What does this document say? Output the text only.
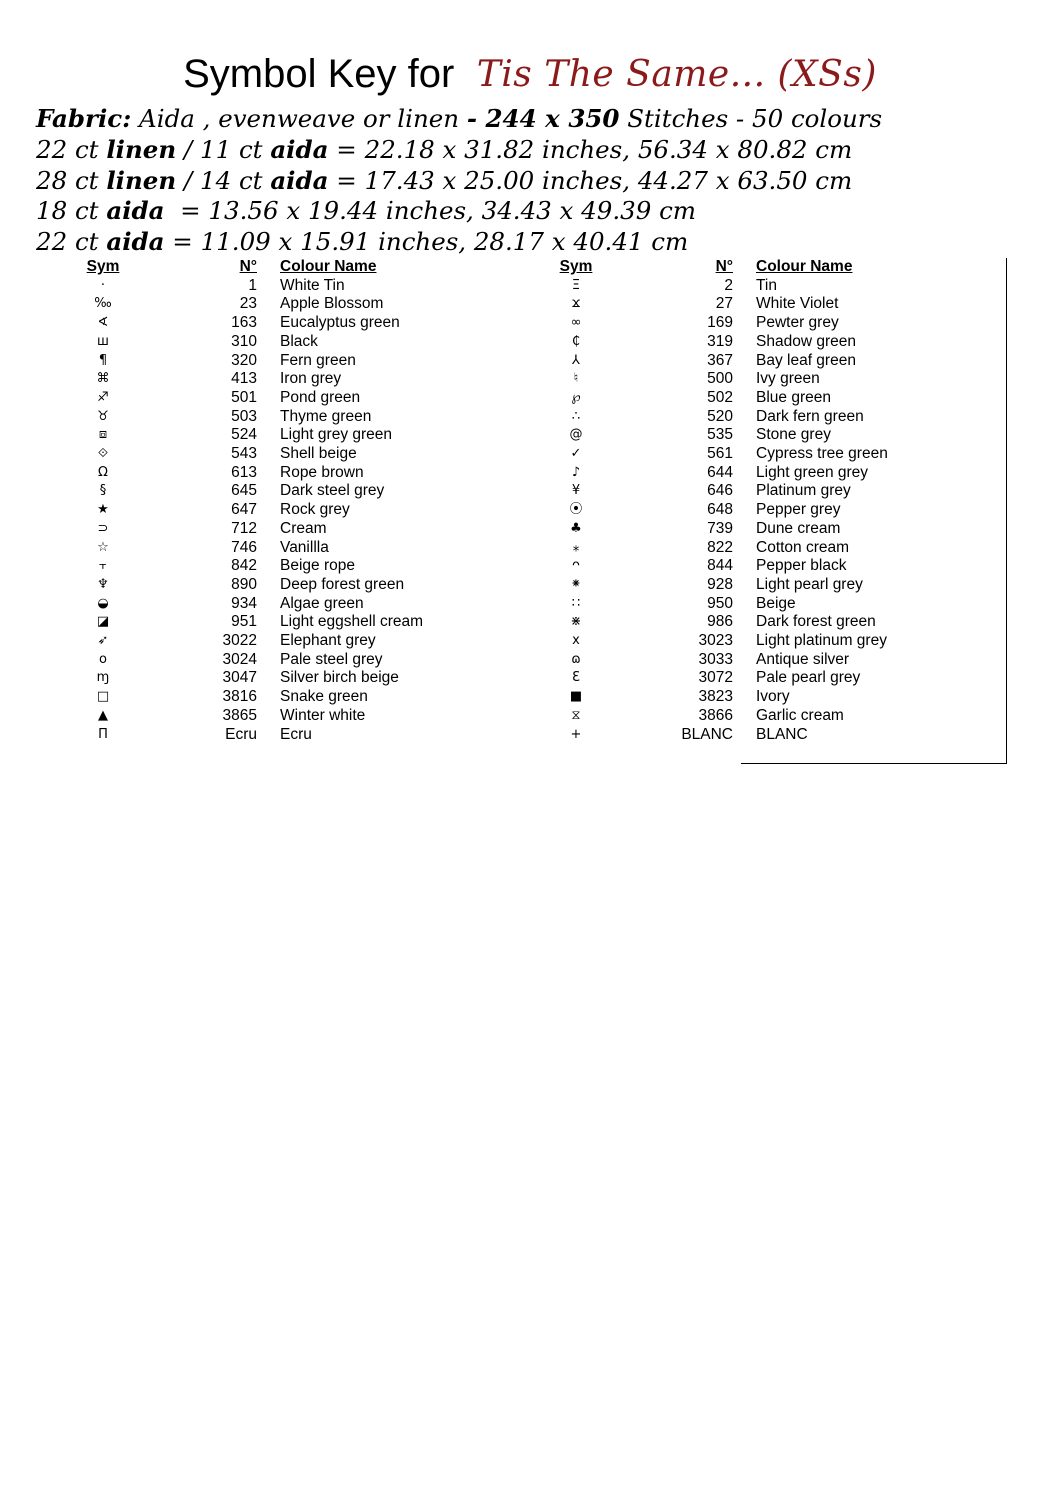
Symbol Key for Tis The Same... (XSs)
Fabric: Aida , evenweave or linen - 244 x 350 Stitches - 50 colours
22 ct linen / 11 ct aida = 22.18 x 31.82 inches, 56.34 x 80.82 cm
28 ct linen / 14 ct aida = 17.43 x 25.00 inches, 44.27 x 63.50 cm
18 ct aida  = 13.56 x 19.44 inches, 34.43 x 49.39 cm
22 ct aida = 11.09 x 15.91 inches, 28.17 x 40.41 cm
Sym	N°	Colour Name
·	1	White Tin
‰	23	Apple Blossom
∢	163	Eucalyptus green
ш	310	Black
¶	320	Fern green
⌘	413	Iron grey
♐	501	Pond green
♉	503	Thyme green
⧈	524	Light grey green
⟐	543	Shell beige
Ω	613	Rope brown
§	645	Dark steel grey
★	647	Rock grey
⊃	712	Cream
☆	746	Vanillla
⫟	842	Beige rope
♆	890	Deep forest green
◒	934	Algae green
◪	951	Light eggshell cream
➶	3022	Elephant grey
o	3024	Pale steel grey
ɱ	3047	Silver birch beige
□	3816	Snake green
▲	3865	Winter white
Π	Ecru	Ecru
Sym	N°	Colour Name
Ξ	2	Tin
ϫ	27	White Violet
∞	169	Pewter grey
₵	319	Shadow green
⅄	367	Bay leaf green
♮	500	Ivy green
℘	502	Blue green
∴	520	Dark fern green
@	535	Stone grey
✓	561	Cypress tree green
♪	644	Light green grey
¥	646	Platinum grey
⦿	648	Pepper grey
♣	739	Dune cream
⁎	822	Cotton cream
ᴖ	844	Pepper black
⁕	928	Light pearl grey
∷	950	Beige
⋇	986	Dark forest green
x	3023	Light platinum grey
ɷ	3033	Antique silver
Ɛ	3072	Pale pearl grey
■	3823	Ivory
⧖	3866	Garlic cream
+	BLANC	BLANC
